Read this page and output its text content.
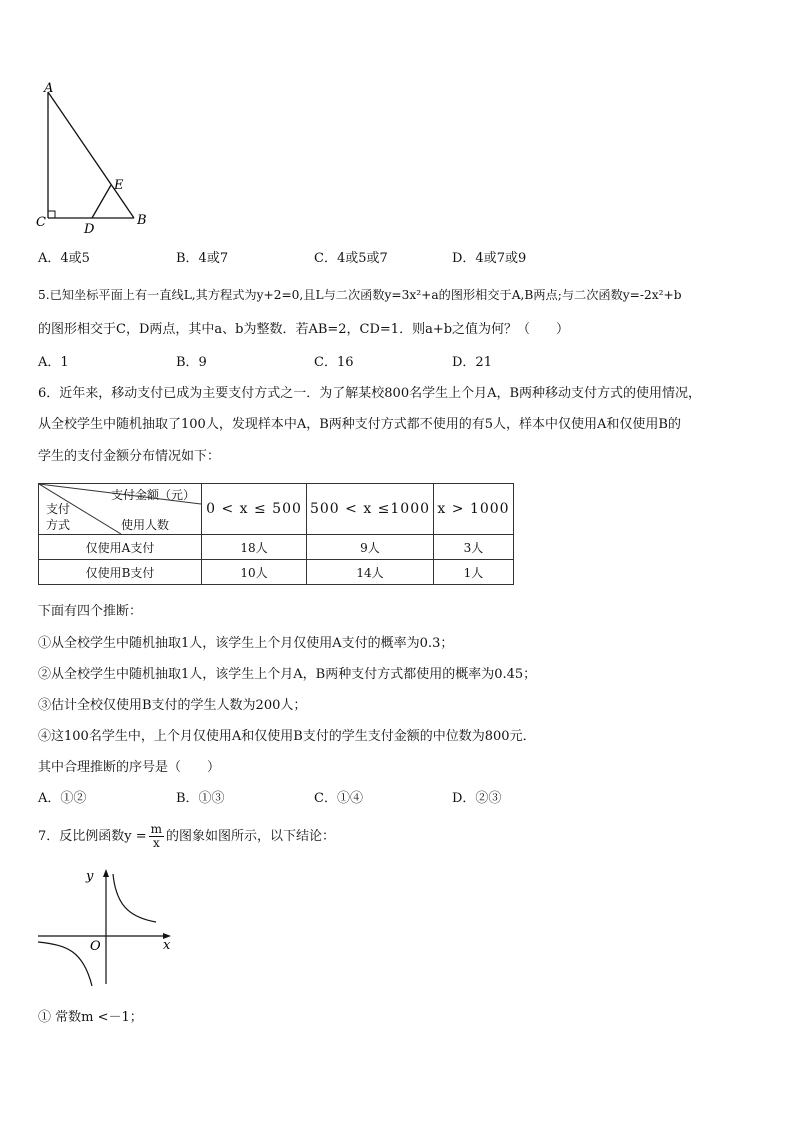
A
E
C	D
B
A．4或5	B．4或7	C．4或5或7	D．4或7或9
5.已知坐标平面上有一直线L,其方程式为y+2=0,且L与二次函数y=3x²+a的图形相交于A,B两点;与二次函数y=-2x²+b
的图形相交于C，D两点，其中a、b为整数．若AB=2，CD=1．则a+b之值为何？（　　）
A．1	B．9	C．16	D．21
6．近年来，移动支付已成为主要支付方式之一．为了解某校800名学生上个月A，B两种移动支付方式的使用情况，
从全校学生中随机抽取了100人，发现样本中A，B两种支付方式都不使用的有5人，样本中仅使用A和仅使用B的
学生的支付金额分布情况如下：
支付金额（元）
支付
方式 使用人数	0 < x ≤ 500	500 < x ≤1000	x > 1000
仅使用A支付	18人	9人	3人
仅使用B支付	10人	14人	1人
下面有四个推断：
①从全校学生中随机抽取1人，该学生上个月仅使用A支付的概率为0.3；
②从全校学生中随机抽取1人，该学生上个月A，B两种支付方式都使用的概率为0.45；
③估计全校仅使用B支付的学生人数为200人；
④这100名学生中，上个月仅使用A和仅使用B支付的学生支付金额的中位数为800元．
其中合理推断的序号是（　　）
A．①②	B．①③	C．①④	D．②③
7．反比例函数$y = \frac{m}{x}$ 的图象如图所示，以下结论：
y
x
O
① 常数m <－1；
